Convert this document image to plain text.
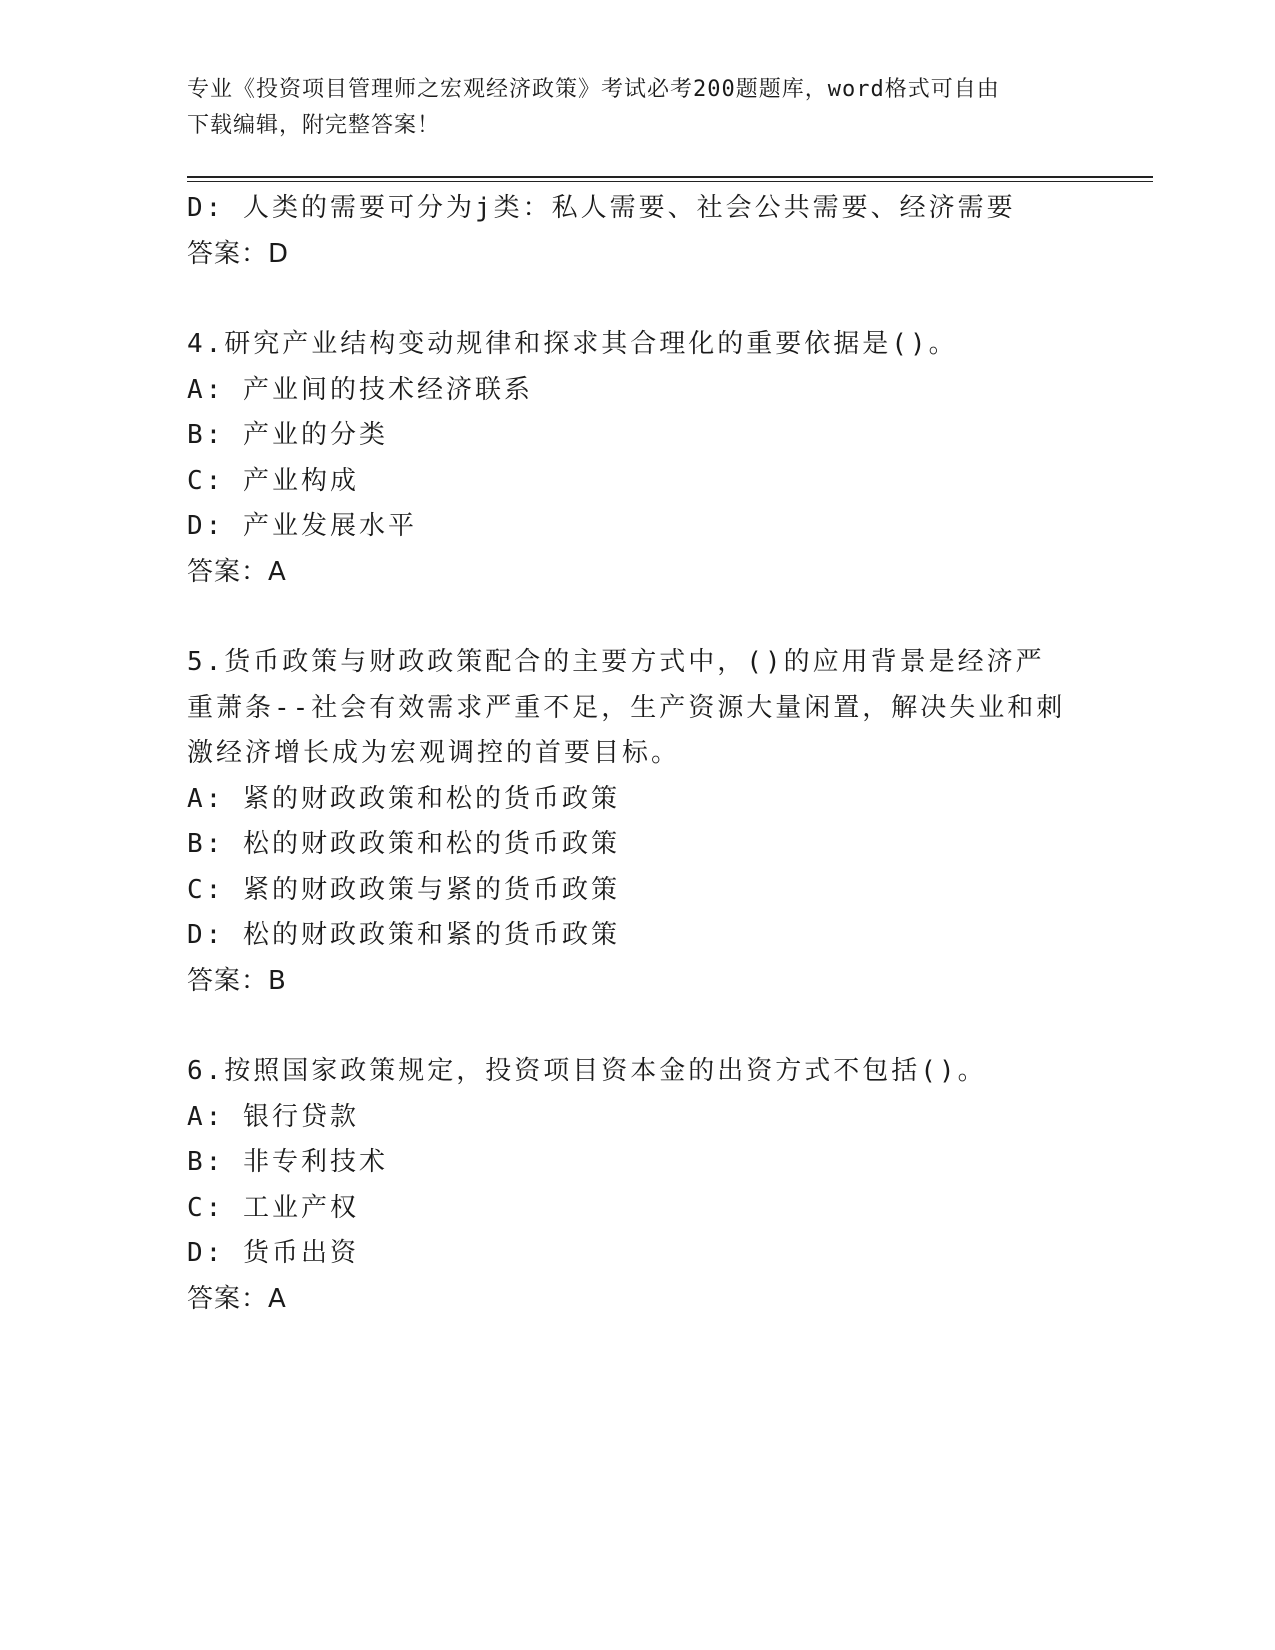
专业《投资项目管理师之宏观经济政策》考试必考200题题库，word格式可自由
下载编辑，附完整答案！
D: 人类的需要可分为j类：私人需要、社会公共需要、经济需要
答案：D
4.研究产业结构变动规律和探求其合理化的重要依据是()。
A: 产业间的技术经济联系
B: 产业的分类
C: 产业构成
D: 产业发展水平
答案：A
5.货币政策与财政政策配合的主要方式中，()的应用背景是经济严重萧条--社会有效需求严重不足，生产资源大量闲置，解决失业和刺激经济增长成为宏观调控的首要目标。
A: 紧的财政政策和松的货币政策
B: 松的财政政策和松的货币政策
C: 紧的财政政策与紧的货币政策
D: 松的财政政策和紧的货币政策
答案：B
6.按照国家政策规定，投资项目资本金的出资方式不包括()。
A: 银行贷款
B: 非专利技术
C: 工业产权
D: 货币出资
答案：A
